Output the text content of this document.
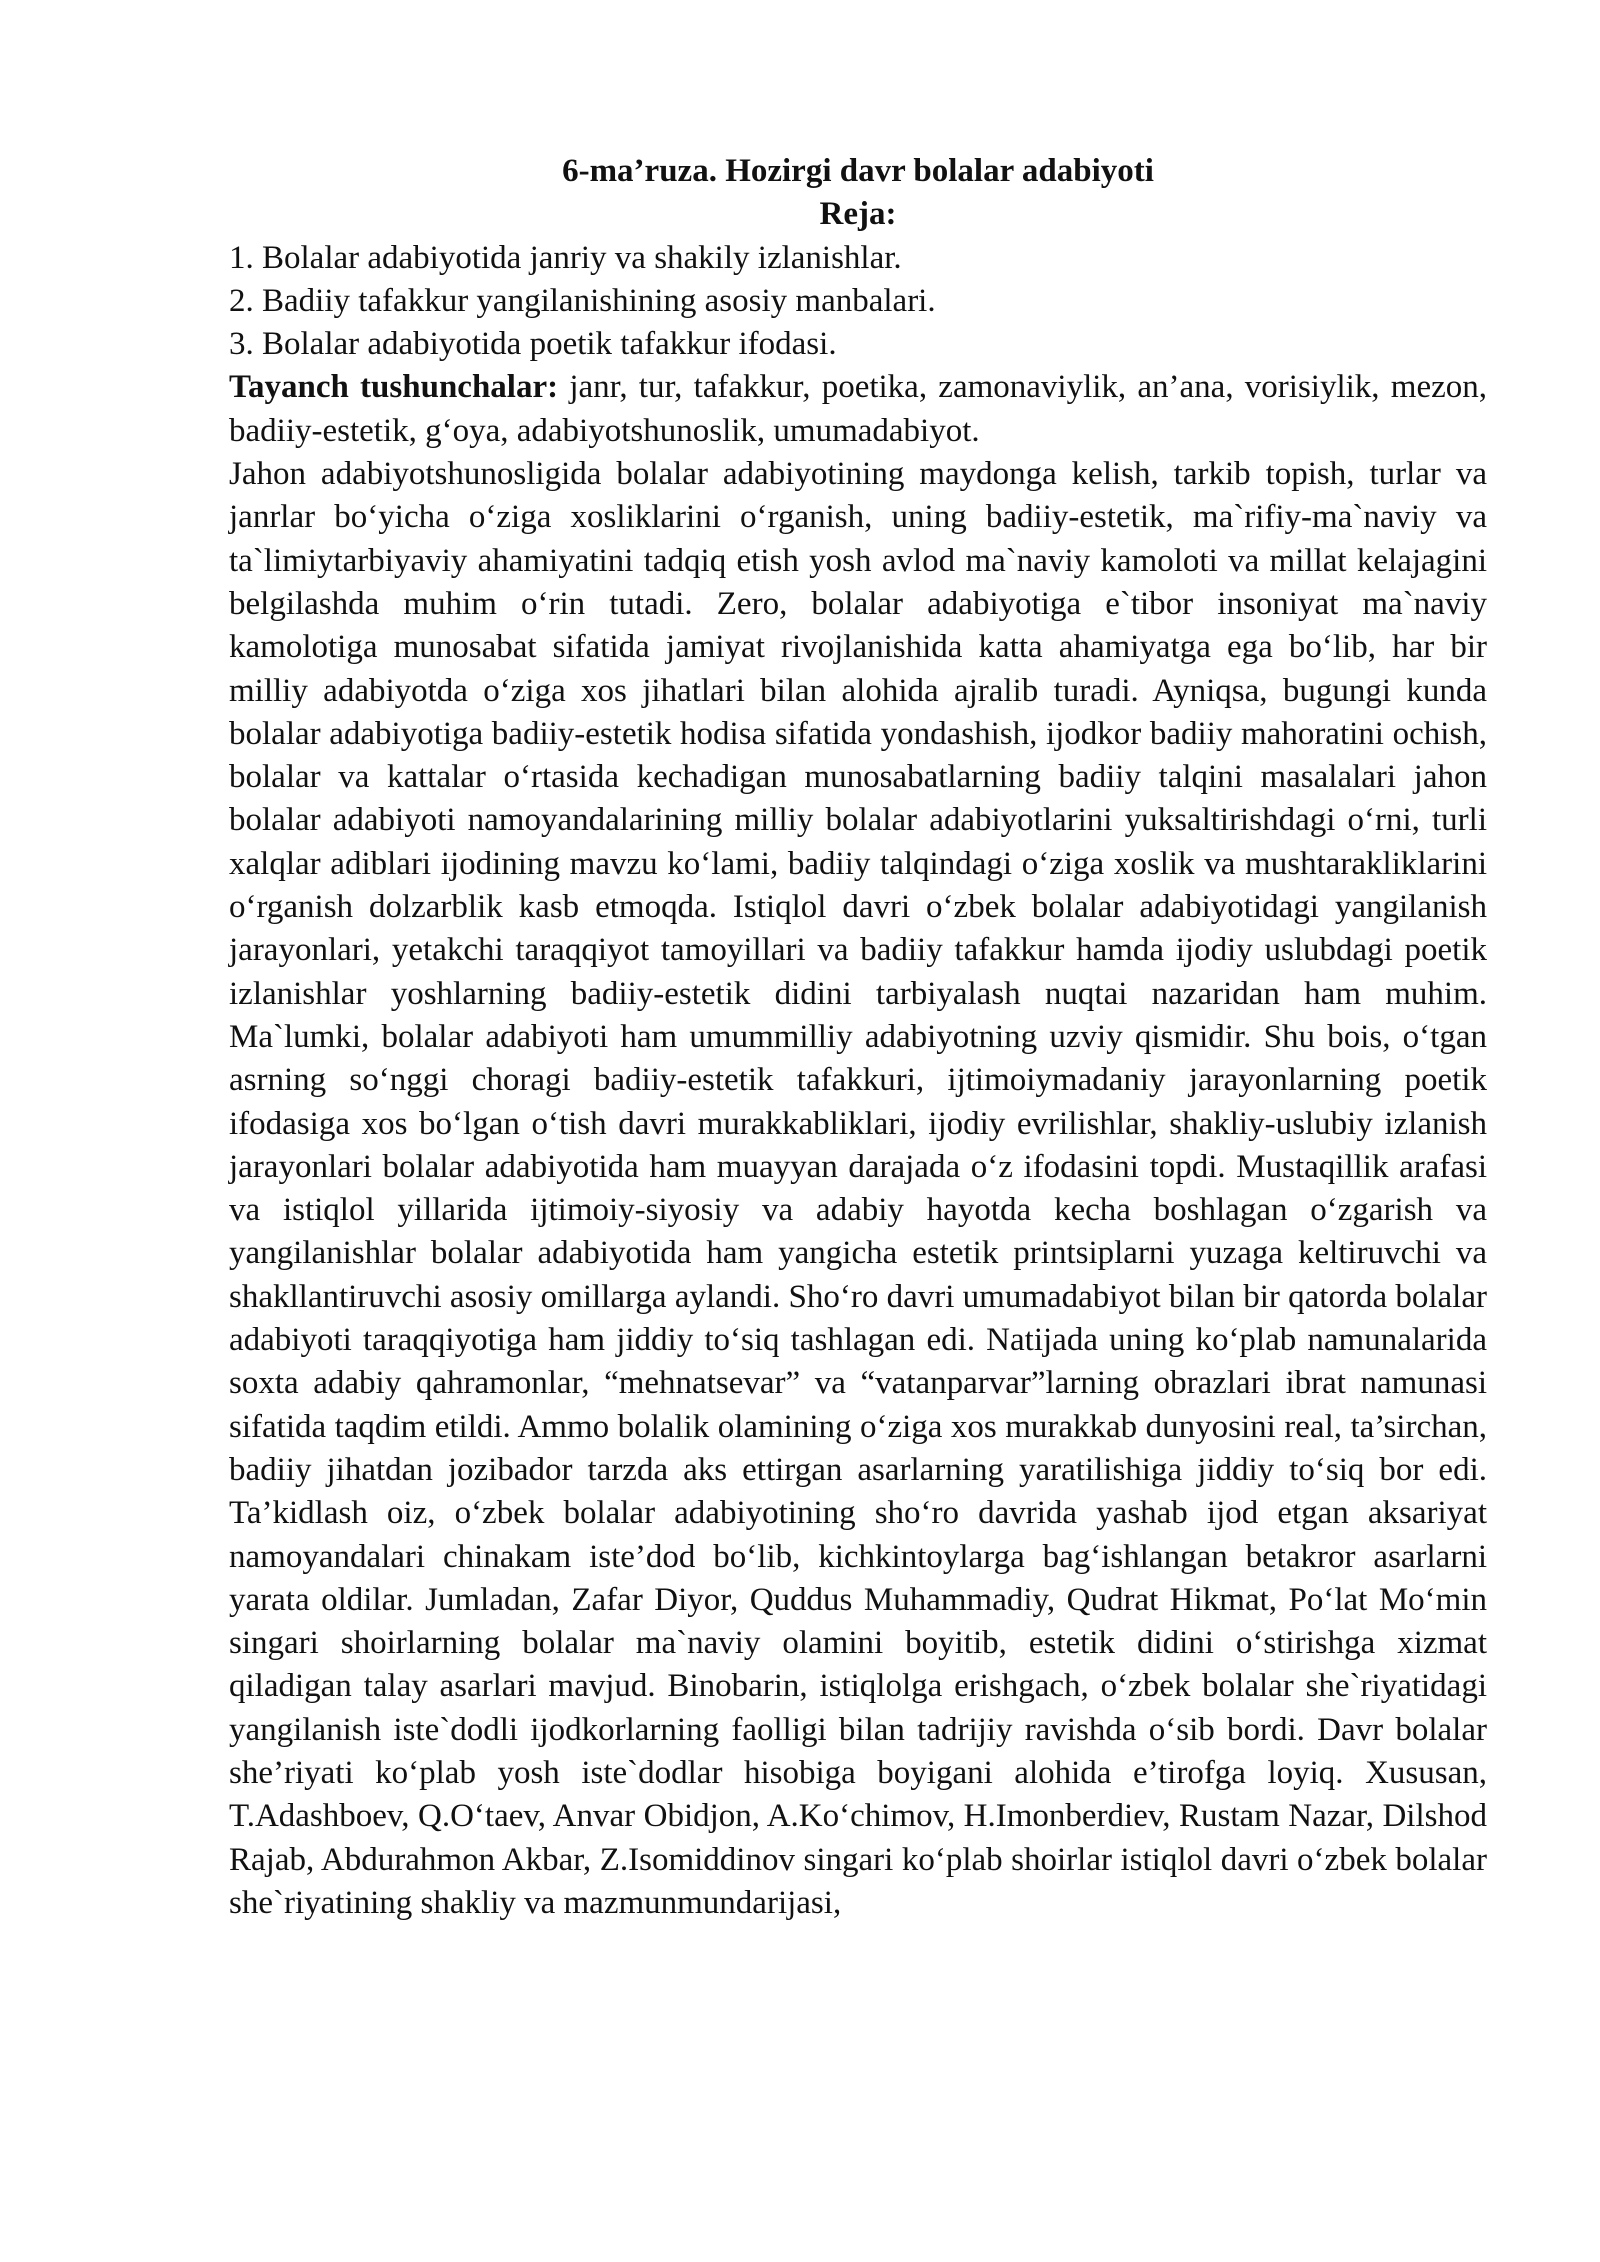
6-ma’ruza. Hozirgi davr bolalar adabiyoti

Reja:

1. Bolalar adabiyotida janriy va shakily izlanishlar.

2. Badiiy tafakkur yangilanishining asosiy manbalari.

3. Bolalar adabiyotida poetik tafakkur ifodasi.

Tayanch tushunchalar: janr, tur, tafakkur, poetika, zamonaviylik, an’ana, vorisiylik, mezon, badiiy-estetik, g‘oya, adabiyotshunoslik, umumadabiyot.

Jahon adabiyotshunosligida bolalar adabiyotining maydonga kelish, tarkib topish, turlar va janrlar bo‘yicha o‘ziga xosliklarini o‘rganish, uning badiiy-estetik, ma`rifiy-ma`naviy va ta`limiytarbiyaviy ahamiyatini tadqiq etish yosh avlod ma`naviy kamoloti va millat kelajagini belgilashda muhim o‘rin tutadi. Zero, bolalar adabiyotiga e`tibor insoniyat ma`naviy kamolotiga munosabat sifatida jamiyat rivojlanishida katta ahamiyatga ega bo‘lib, har bir milliy adabiyotda o‘ziga xos jihatlari bilan alohida ajralib turadi. Ayniqsa, bugungi kunda bolalar adabiyotiga badiiy-estetik hodisa sifatida yondashish, ijodkor badiiy mahoratini ochish, bolalar va kattalar o‘rtasida kechadigan munosabatlarning badiiy talqini masalalari jahon bolalar adabiyoti namoyandalarining milliy bolalar adabiyotlarini yuksaltirishdagi o‘rni, turli xalqlar adiblari ijodining mavzu ko‘lami, badiiy talqindagi o‘ziga xoslik va mushtarakliklarini o‘rganish dolzarblik kasb etmoqda. Istiqlol davri o‘zbek bolalar adabiyotidagi yangilanish jarayonlari, yetakchi taraqqiyot tamoyillari va badiiy tafakkur hamda ijodiy uslubdagi poetik izlanishlar yoshlarning badiiy-estetik didini tarbiyalash nuqtai nazaridan ham muhim. Ma`lumki, bolalar adabiyoti ham umummilliy adabiyotning uzviy qismidir. Shu bois, o‘tgan asrning so‘nggi choragi badiiy-estetik tafakkuri, ijtimoiymadaniy jarayonlarning poetik ifodasiga xos bo‘lgan o‘tish davri murakkabliklari, ijodiy evrilishlar, shakliy-uslubiy izlanish jarayonlari bolalar adabiyotida ham muayyan darajada o‘z ifodasini topdi. Mustaqillik arafasi va istiqlol yillarida ijtimoiy-siyosiy va adabiy hayotda kecha boshlagan o‘zgarish va yangilanishlar bolalar adabiyotida ham yangicha estetik printsiplarni yuzaga keltiruvchi va shakllantiruvchi asosiy omillarga aylandi. Sho‘ro davri umumadabiyot bilan bir qatorda bolalar adabiyoti taraqqiyotiga ham jiddiy to‘siq tashlagan edi. Natijada uning ko‘plab namunalarida soxta adabiy qahramonlar, “mehnatsevar” va “vatanparvar”larning obrazlari ibrat namunasi sifatida taqdim etildi. Ammo bolalik olamining o‘ziga xos murakkab dunyosini real, ta’sirchan, badiiy jihatdan jozibador tarzda aks ettirgan asarlarning yaratilishiga jiddiy to‘siq bor edi. Ta’kidlash oiz, o‘zbek bolalar adabiyotining sho‘ro davrida yashab ijod etgan aksariyat namoyandalari chinakam iste’dod bo‘lib, kichkintoylarga bag‘ishlangan betakror asarlarni yarata oldilar. Jumladan, Zafar Diyor, Quddus Muhammadiy, Qudrat Hikmat, Po‘lat Mo‘min singari shoirlarning bolalar ma`naviy olamini boyitib, estetik didini o‘stirishga xizmat qiladigan talay asarlari mavjud. Binobarin, istiqlolga erishgach, o‘zbek bolalar she`riyatidagi yangilanish iste`dodli ijodkorlarning faolligi bilan tadrijiy ravishda o‘sib bordi. Davr bolalar she’riyati ko‘plab yosh iste`dodlar hisobiga boyigani alohida e’tirofga loyiq. Xususan, T.Adashboev, Q.O‘taev, Anvar Obidjon, A.Ko‘chimov, H.Imonberdiev, Rustam Nazar, Dilshod Rajab, Abdurahmon Akbar, Z.Isomiddinov singari ko‘plab shoirlar istiqlol davri o‘zbek bolalar she`riyatining shakliy va mazmunmundarijasi,
